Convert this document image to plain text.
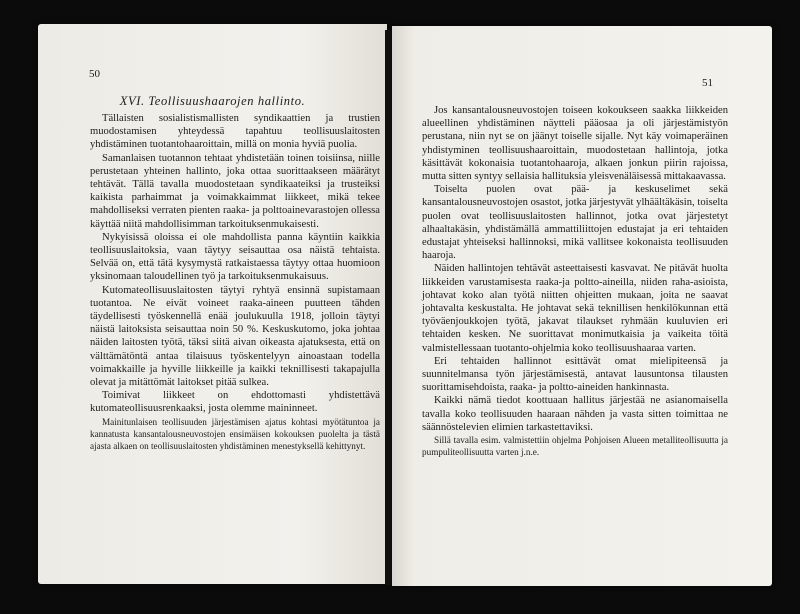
50
XVI. Teollisuushaarojen hallinto.

Tällaisten sosialistismallisten syndikaattien ja trustien muodostamisen yhteydessä tapahtuu teollisuuslaitosten yhdistäminen tuotantohaaroittain, millä on monia hyviä puolia.

Samanlaisen tuotannon tehtaat yhdistetään toinen toisiinsa, niille perustetaan yhteinen hallinto, joka ottaa suorittaakseen määrätyt tehtävät. Tällä tavalla muodostetaan syndikaateiksi ja trusteiksi kaikista parhaimmat ja voimakkaimmat liikkeet, mikä tekee mahdolliseksi verraten pienten raaka- ja polttoainevarastojen ollessa käyttää niitä mahdollisimman tarkoituksenmukaisesti.

Nykyisissä oloissa ei ole mahdollista panna käyntiin kaikkia teollisuuslaitoksia, vaan täytyy seisauttaa osa näistä tehtaista. Selvää on, että tätä kysymystä ratkaistaessa täytyy ottaa huomioon yksinomaan taloudellinen työ ja tarkoituksenmukaisuus.

Kutomateollisuuslaitosten täytyi ryhtyä ensinnä supistamaan tuotantoa. Ne eivät voineet raaka-aineen puutteen tähden täydellisesti työskennellä enää joulukuulla 1918, jolloin täytyi näistä laitoksista seisauttaa noin 50 %. Keskuskutomo, joka johtaa näiden laitosten työtä, täksi siitä aivan oikeasta ajatuksesta, että on välttämätöntä antaa tilaisuus työskentelyyn ainoastaan todella voimakkaille ja hyville liikkeille ja kaikki teknillisesti takapajulla olevat ja mitättömät laitokset pitää sulkea.

Toimivat liikkeet on ehdottomasti yhdistettävä kutomateollisuusrenkaaksi, josta olemme maininneet.

Mainitunlaisen teollisuuden järjestämisen ajatus kohtasi myötätuntoa ja kannatusta kansantalousneuvostojen ensimäisen kokouksen puolelta ja tästä ajasta alkaen on teollisuuslaitosten yhdistäminen menestyksellä kehittynyt.

51

Jos kansantalousneuvostojen toiseen kokoukseen saakka liikkeiden alueellinen yhdistäminen näytteli pääosaa ja oli järjestämistyön perustana, niin nyt se on jäänyt toiselle sijalle. Nyt käy voimaperäinen yhdistyminen teollisuushaaroittain, muodostetaan hallintoja, jotka käsittävät kokonaisia tuotantohaaroja, alkaen jonkun piirin rajoissa, mutta sitten syntyy sellaisia hallituksia yleisvenäläisessä mittakaavassa.

Toiselta puolen ovat pää- ja keskuselimet sekä kansantalousneuvostojen osastot, jotka järjestyvät ylhäältäkäsin, toiselta puolen ovat teollisuuslaitosten hallinnot, jotka ovat järjestetyt alhaaltakäsin, yhdistämällä ammattiliittojen edustajat ja eri tehtaiden edustajat yhteiseksi hallinnoksi, mikä vallitsee kokonaista teollisuuden haaroja.

Näiden hallintojen tehtävät asteettaisesti kasvavat. Ne pitävät huolta liikkeiden varustamisesta raaka-ja poltto-aineilla, niiden raha-asioista, johtavat koko alan työtä niitten ohjeitten mukaan, joita ne saavat johtavalta keskustalta. He johtavat sekä teknillisen henkilökunnan että työväenjoukkojen työtä, jakavat tilaukset ryhmään kuuluvien eri tehtaiden kesken. Ne suorittavat monimutkaisia ja vaikeita töitä valmistellessaan tuotanto-ohjelmia koko teollisuushaaraa varten.

Eri tehtaiden hallinnot esittävät omat mielipiteensä ja suunnitelmansa työn järjestämisestä, antavat lausuntonsa tilausten suorittamisehdoista, raaka- ja poltto-aineiden hankinnasta.

Kaikki nämä tiedot koottuaan hallitus järjestää ne asianomaisella tavalla koko teollisuuden haaraan nähden ja vasta sitten toimittaa ne säännöstelevien elimien tarkastettaviksi.

Sillä tavalla esim. valmistettiin ohjelma Pohjoisen Alueen metalliteollisuutta ja pumpuliteollisuutta varten j.n.e.
